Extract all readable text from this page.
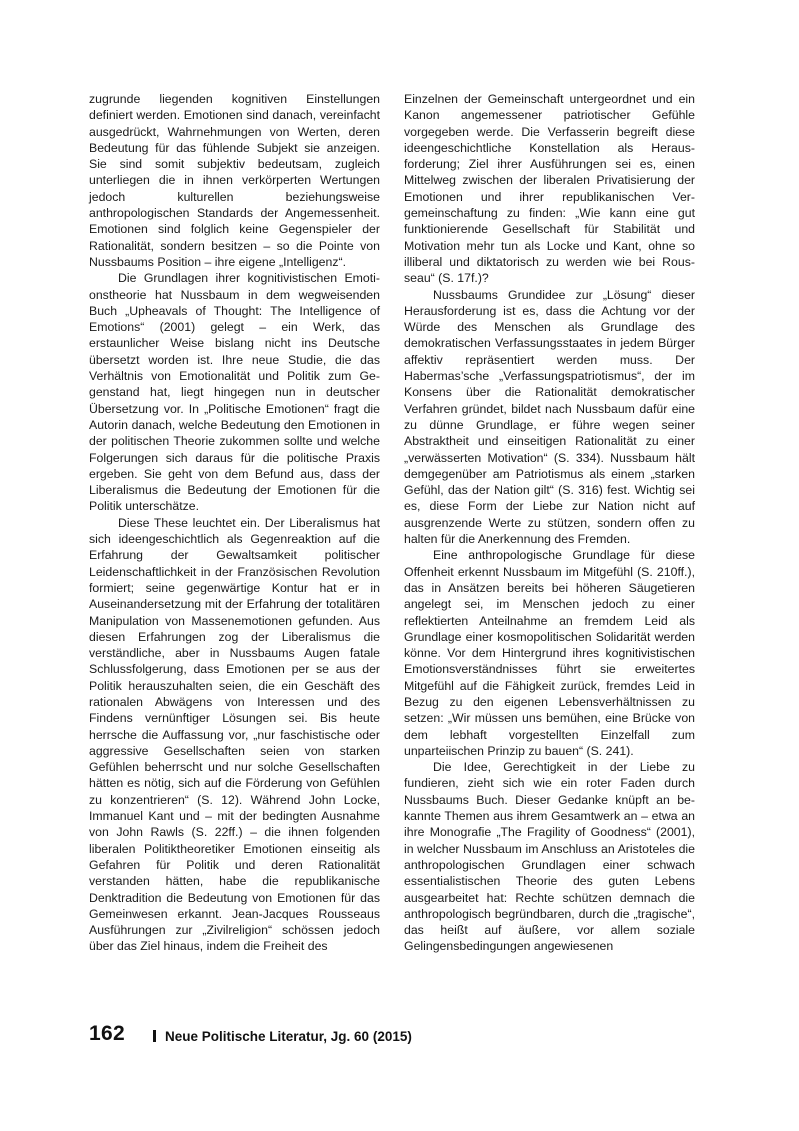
zugrunde liegenden kognitiven Einstellungen definiert werden. Emotionen sind danach, vereinfacht ausgedrückt, Wahrnehmungen von Werten, deren Bedeutung für das fühlende Subjekt sie anzeigen. Sie sind somit subjektiv bedeutsam, zugleich unterliegen die in ihnen verkörperten Wertungen jedoch kulturellen beziehungsweise anthropologischen Standards der Angemessenheit. Emotionen sind folglich keine Gegenspieler der Rationalität, sondern besitzen – so die Pointe von Nussbaums Position – ihre eigene „Intelligenz“.

Die Grundlagen ihrer kognitivistischen Emotionstheorie hat Nussbaum in dem wegweisenden Buch „Upheavals of Thought: The Intelligence of Emotions“ (2001) gelegt – ein Werk, das erstaunlicher Weise bislang nicht ins Deutsche übersetzt worden ist. Ihre neue Studie, die das Verhältnis von Emotionalität und Politik zum Gegenstand hat, liegt hingegen nun in deutscher Übersetzung vor. In „Politische Emotionen“ fragt die Autorin danach, welche Bedeutung den Emotionen in der politischen Theorie zukommen sollte und welche Folgerungen sich daraus für die politische Praxis ergeben. Sie geht von dem Befund aus, dass der Liberalismus die Bedeutung der Emotionen für die Politik unterschätze.

Diese These leuchtet ein. Der Liberalismus hat sich ideengeschichtlich als Gegenreaktion auf die Erfahrung der Gewaltsamkeit politischer Leidenschaftlichkeit in der Französischen Revolution formiert; seine gegenwärtige Kontur hat er in Auseinandersetzung mit der Erfahrung der totalitären Manipulation von Massenemotionen gefunden. Aus diesen Erfahrungen zog der Liberalismus die verständliche, aber in Nussbaums Augen fatale Schlussfolgerung, dass Emotionen per se aus der Politik herauszuhalten seien, die ein Geschäft des rationalen Abwägens von Interessen und des Findens vernünftiger Lösungen sei. Bis heute herrsche die Auffassung vor, „nur faschistische oder aggressive Gesellschaften seien von starken Gefühlen beherrscht und nur solche Gesellschaften hätten es nötig, sich auf die Förderung von Gefühlen zu konzentrieren“ (S. 12). Während John Locke, Immanuel Kant und – mit der bedingten Ausnahme von John Rawls (S. 22ff.) – die ihnen folgenden liberalen Politiktheoretiker Emotionen einseitig als Gefahren für Politik und deren Rationalität verstanden hätten, habe die republikanische Denktradition die Bedeutung von Emotionen für das Gemeinwesen erkannt. Jean-Jacques Rousseaus Ausführungen zur „Zivilreligion“ schössen jedoch über das Ziel hinaus, indem die Freiheit des

Einzelnen der Gemeinschaft untergeordnet und ein Kanon angemessener patriotischer Gefühle vorgegeben werde. Die Verfasserin begreift diese ideengeschichtliche Konstellation als Herausforderung; Ziel ihrer Ausführungen sei es, einen Mittelweg zwischen der liberalen Privatisierung der Emotionen und ihrer republikanischen Vergemeinschaftung zu finden: „Wie kann eine gut funktionierende Gesellschaft für Stabilität und Motivation mehr tun als Locke und Kant, ohne so illiberal und diktatorisch zu werden wie bei Rousseau“ (S. 17f.)?

Nussbaums Grundidee zur „Lösung“ dieser Herausforderung ist es, dass die Achtung vor der Würde des Menschen als Grundlage des demokratischen Verfassungsstaates in jedem Bürger affektiv repräsentiert werden muss. Der Habermas’sche „Verfassungspatriotismus“, der im Konsens über die Rationalität demokratischer Verfahren gründet, bildet nach Nussbaum dafür eine zu dünne Grundlage, er führe wegen seiner Abstraktheit und einseitigen Rationalität zu einer „verwässerten Motivation“ (S. 334). Nussbaum hält demgegenüber am Patriotismus als einem „starken Gefühl, das der Nation gilt“ (S. 316) fest. Wichtig sei es, diese Form der Liebe zur Nation nicht auf ausgrenzende Werte zu stützen, sondern offen zu halten für die Anerkennung des Fremden.

Eine anthropologische Grundlage für diese Offenheit erkennt Nussbaum im Mitgefühl (S. 210ff.), das in Ansätzen bereits bei höheren Säugetieren angelegt sei, im Menschen jedoch zu einer reflektierten Anteilnahme an fremdem Leid als Grundlage einer kosmopolitischen Solidarität werden könne. Vor dem Hintergrund ihres kognitivistischen Emotionsverständnisses führt sie erweitertes Mitgefühl auf die Fähigkeit zurück, fremdes Leid in Bezug zu den eigenen Lebensverhältnissen zu setzen: „Wir müssen uns bemühen, eine Brücke von dem lebhaft vorgestellten Einzelfall zum unparteiischen Prinzip zu bauen“ (S. 241).

Die Idee, Gerechtigkeit in der Liebe zu fundieren, zieht sich wie ein roter Faden durch Nussbaums Buch. Dieser Gedanke knüpft an bekannte Themen aus ihrem Gesamtwerk an – etwa an ihre Monografie „The Fragility of Goodness“ (2001), in welcher Nussbaum im Anschluss an Aristoteles die anthropologischen Grundlagen einer schwach essentialistischen Theorie des guten Lebens ausgearbeitet hat: Rechte schützen demnach die anthropologisch begründbaren, durch die „tragische“, das heißt auf äußere, vor allem soziale Gelingensbedingungen angewiesenen

162	Neue Politische Literatur, Jg. 60 (2015)
